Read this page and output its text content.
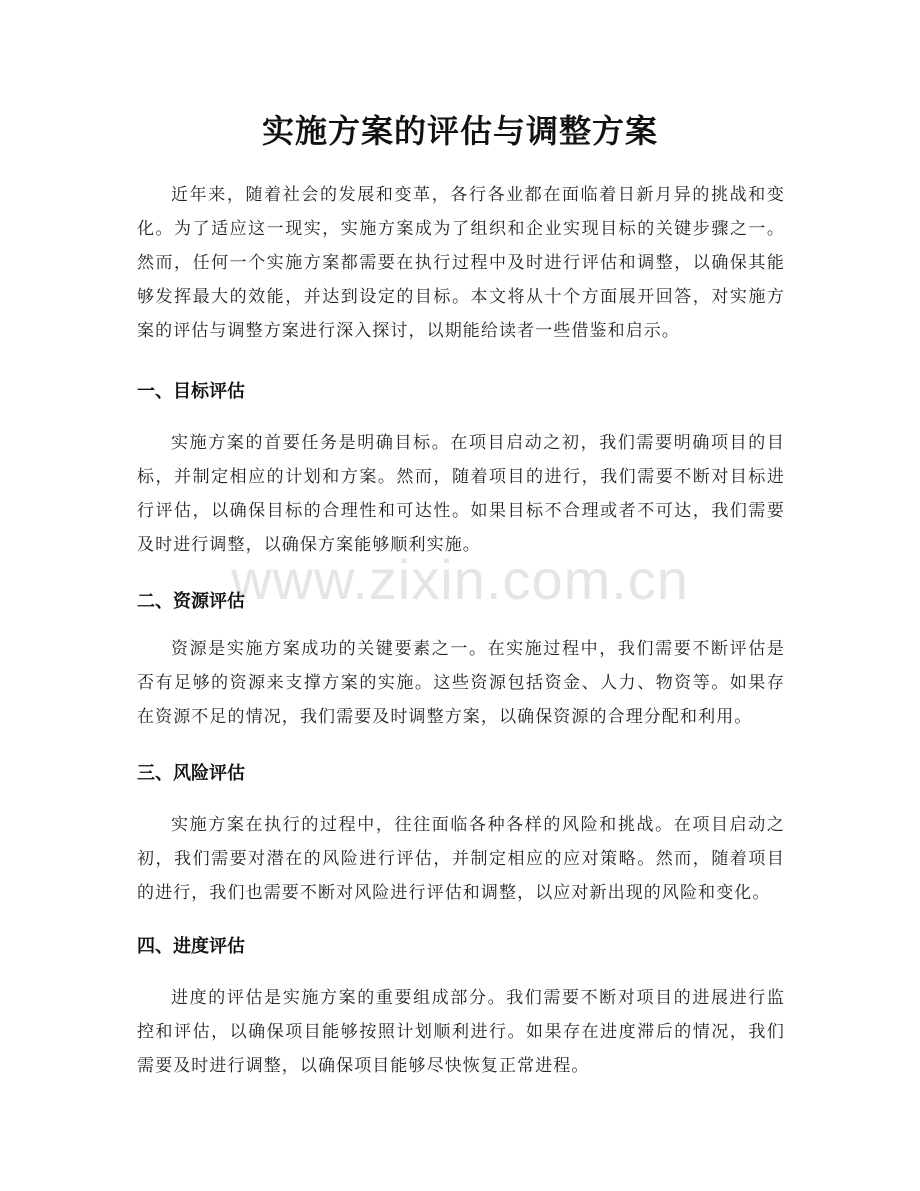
www.zixin.com.cn
实施方案的评估与调整方案

近年来，随着社会的发展和变革，各行各业都在面临着日新月异的挑战和变化。为了适应这一现实，实施方案成为了组织和企业实现目标的关键步骤之一。然而，任何一个实施方案都需要在执行过程中及时进行评估和调整，以确保其能够发挥最大的效能，并达到设定的目标。本文将从十个方面展开回答，对实施方案的评估与调整方案进行深入探讨，以期能给读者一些借鉴和启示。

一、目标评估

实施方案的首要任务是明确目标。在项目启动之初，我们需要明确项目的目标，并制定相应的计划和方案。然而，随着项目的进行，我们需要不断对目标进行评估，以确保目标的合理性和可达性。如果目标不合理或者不可达，我们需要及时进行调整，以确保方案能够顺利实施。

二、资源评估

资源是实施方案成功的关键要素之一。在实施过程中，我们需要不断评估是否有足够的资源来支撑方案的实施。这些资源包括资金、人力、物资等。如果存在资源不足的情况，我们需要及时调整方案，以确保资源的合理分配和利用。

三、风险评估

实施方案在执行的过程中，往往面临各种各样的风险和挑战。在项目启动之初，我们需要对潜在的风险进行评估，并制定相应的应对策略。然而，随着项目的进行，我们也需要不断对风险进行评估和调整，以应对新出现的风险和变化。

四、进度评估

进度的评估是实施方案的重要组成部分。我们需要不断对项目的进展进行监控和评估，以确保项目能够按照计划顺利进行。如果存在进度滞后的情况，我们需要及时进行调整，以确保项目能够尽快恢复正常进程。
